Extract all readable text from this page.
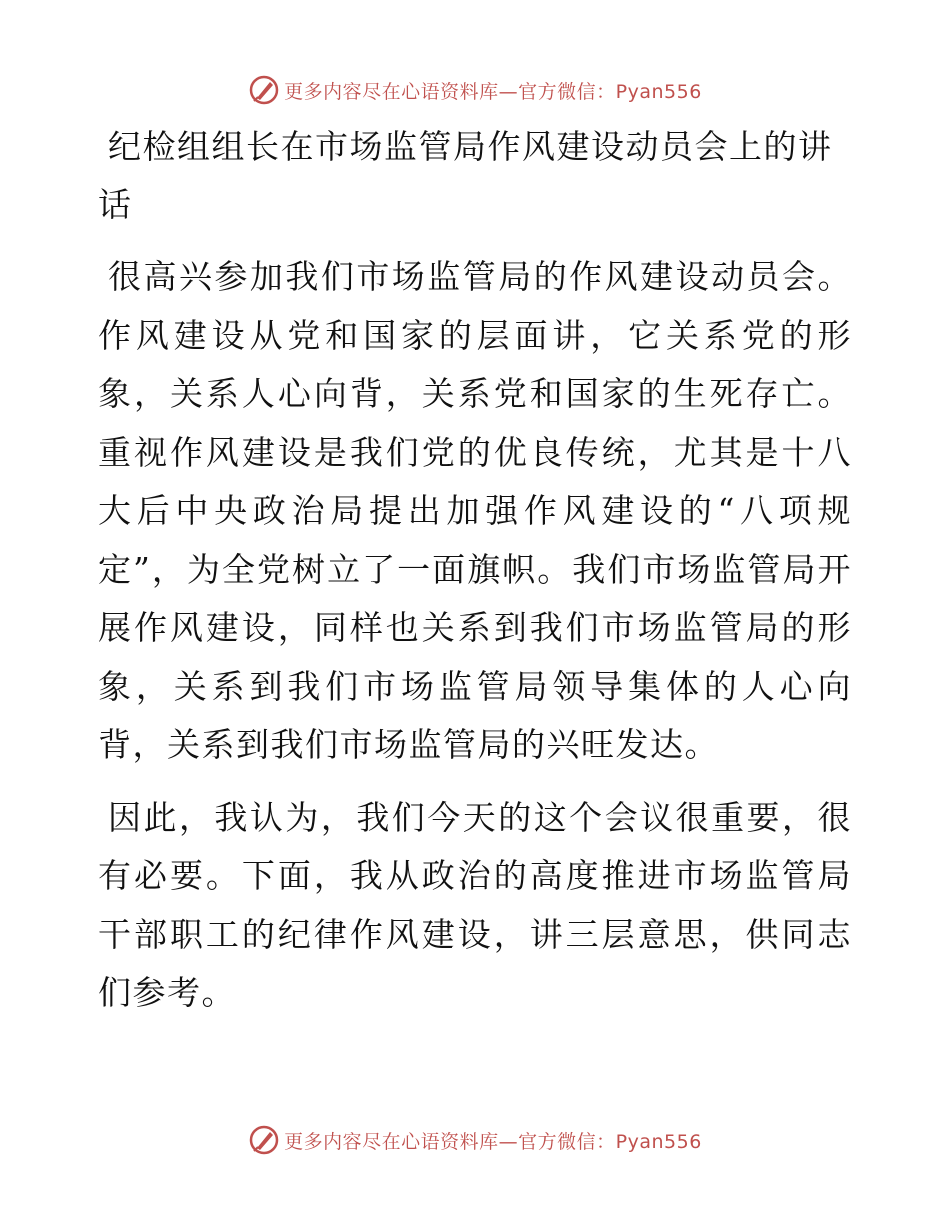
更多内容尽在心语资料库—官方微信：Pyan556
纪检组组长在市场监管局作风建设动员会上的讲话

很高兴参加我们市场监管局的作风建设动员会。作风建设从党和国家的层面讲，它关系党的形象，关系人心向背，关系党和国家的生死存亡。重视作风建设是我们党的优良传统，尤其是十八大后中央政治局提出加强作风建设的“八项规定”，为全党树立了一面旗帜。我们市场监管局开展作风建设，同样也关系到我们市场监管局的形象，关系到我们市场监管局领导集体的人心向背，关系到我们市场监管局的兴旺发达。

因此，我认为，我们今天的这个会议很重要，很有必要。下面，我从政治的高度推进市场监管局干部职工的纪律作风建设，讲三层意思，供同志们参考。

更多内容尽在心语资料库—官方微信：Pyan556
